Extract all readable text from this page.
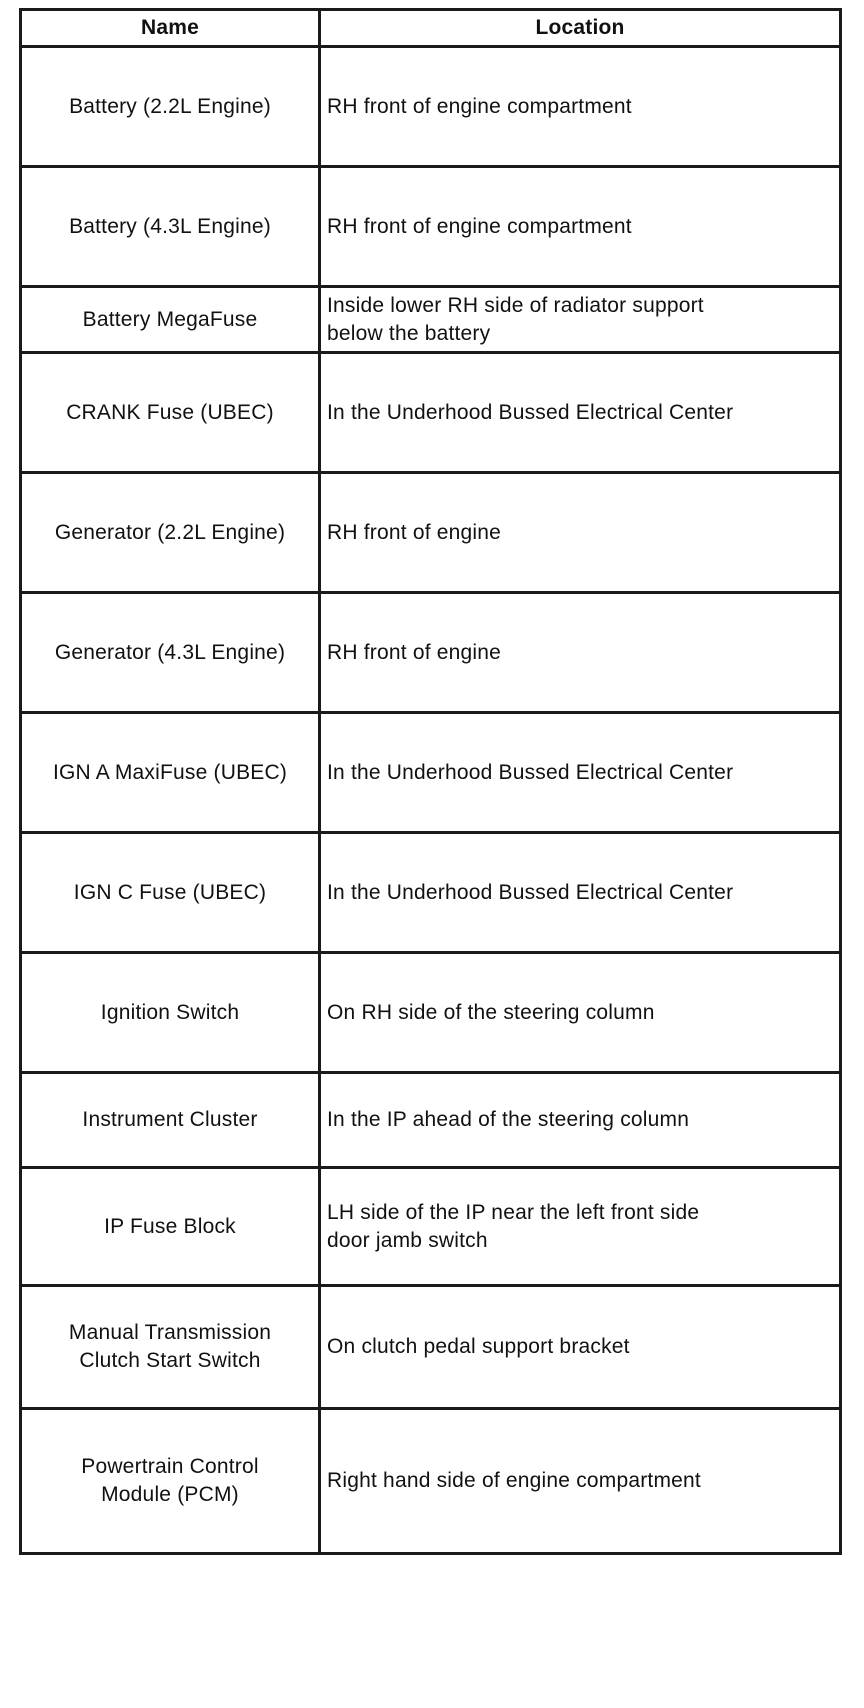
Name	Location

Battery (2.2L Engine)	RH front of engine compartment

Battery (4.3L Engine)	RH front of engine compartment

Battery MegaFuse	Inside lower RH side of radiator support
below the battery

CRANK Fuse (UBEC)	In the Underhood Bussed Electrical Center

Generator (2.2L Engine)	RH front of engine

Generator (4.3L Engine)	RH front of engine

IGN A MaxiFuse (UBEC)	In the Underhood Bussed Electrical Center

IGN C Fuse (UBEC)	In the Underhood Bussed Electrical Center

Ignition Switch	On RH side of the steering column

Instrument Cluster	In the IP ahead of the steering column

IP Fuse Block	LH side of the IP near the left front side
door jamb switch

Manual Transmission
Clutch Start Switch	On clutch pedal support bracket

Powertrain Control
Module (PCM)	Right hand side of engine compartment
